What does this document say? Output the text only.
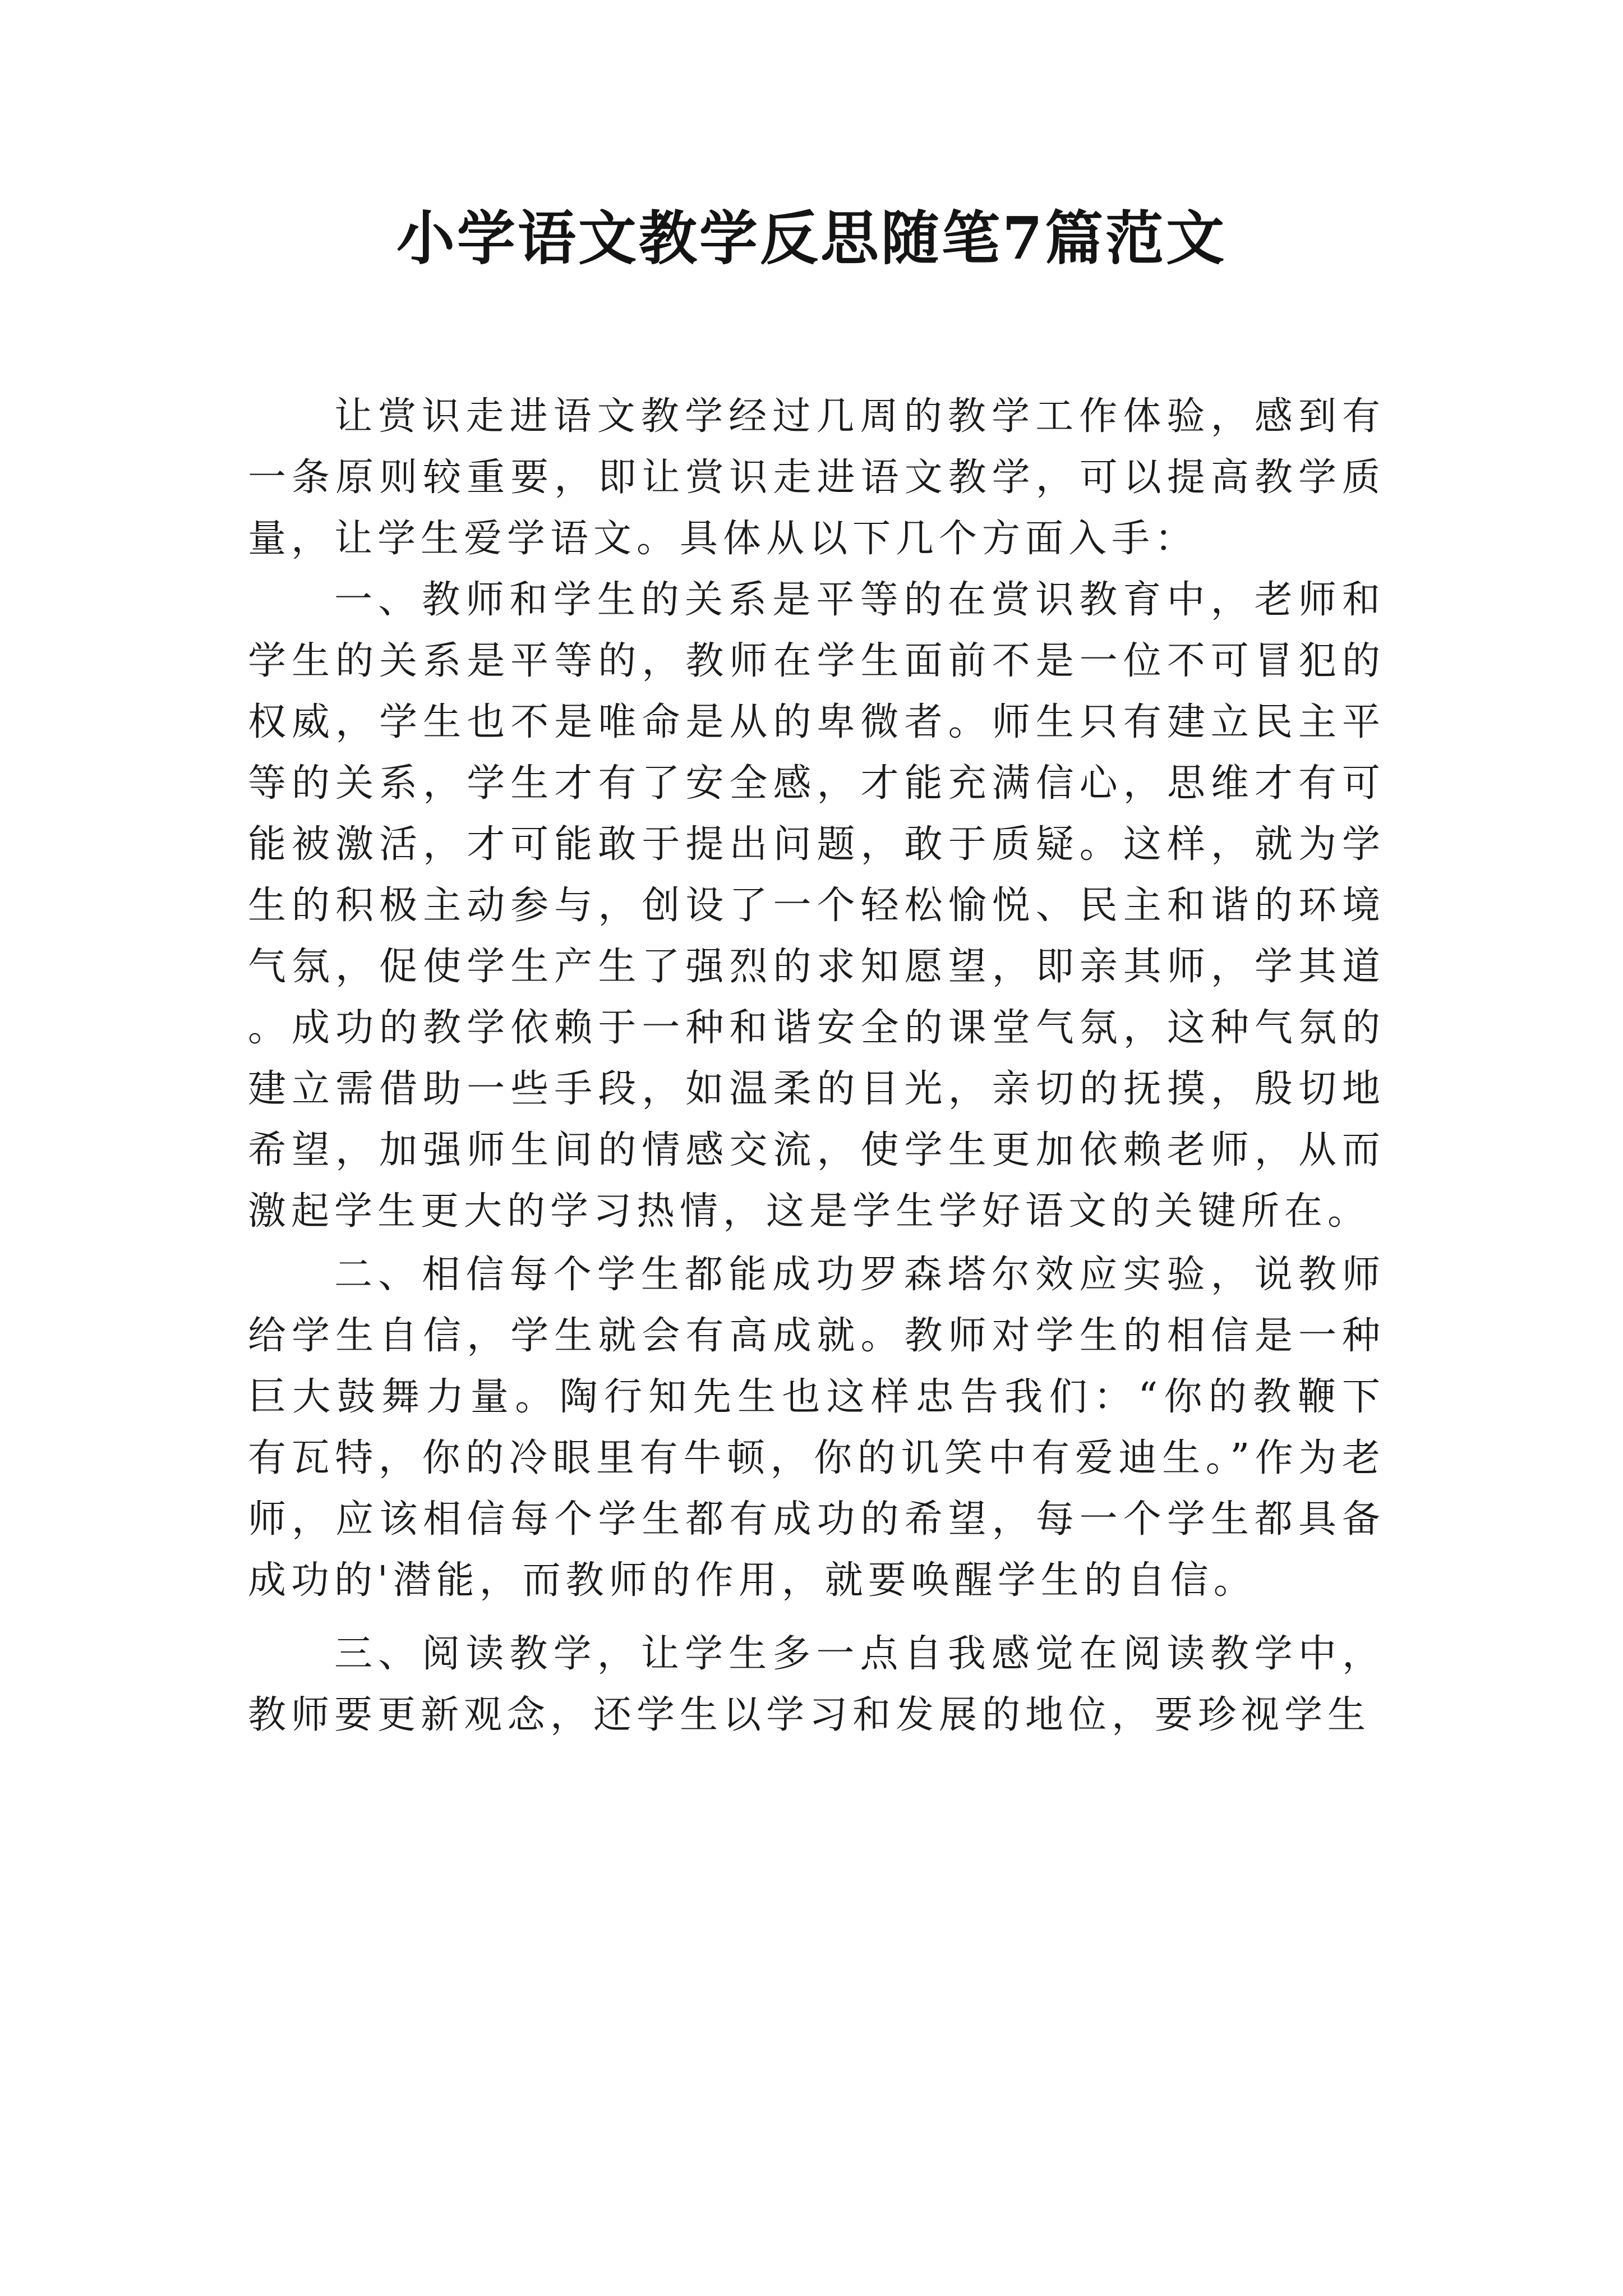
小学语文教学反思随笔7篇范文

让赏识走进语文教学经过几周的教学工作体验，感到有一条原则较重要，即让赏识走进语文教学，可以提高教学质量，让学生爱学语文。具体从以下几个方面入手：

一、教师和学生的关系是平等的在赏识教育中，老师和学生的关系是平等的，教师在学生面前不是一位不可冒犯的权威，学生也不是唯命是从的卑微者。师生只有建立民主平等的关系，学生才有了安全感，才能充满信心，思维才有可能被激活，才可能敢于提出问题，敢于质疑。这样，就为学生的积极主动参与，创设了一个轻松愉悦、民主和谐的环境气氛，促使学生产生了强烈的求知愿望，即亲其师，学其道。成功的教学依赖于一种和谐安全的课堂气氛，这种气氛的建立需借助一些手段，如温柔的目光，亲切的抚摸，殷切地希望，加强师生间的情感交流，使学生更加依赖老师，从而激起学生更大的学习热情，这是学生学好语文的关键所在。

二、相信每个学生都能成功罗森塔尔效应实验，说教师给学生自信，学生就会有高成就。教师对学生的相信是一种巨大鼓舞力量。陶行知先生也这样忠告我们：“你的教鞭下有瓦特，你的冷眼里有牛顿，你的讥笑中有爱迪生。”作为老师，应该相信每个学生都有成功的希望，每一个学生都具备成功的'潜能，而教师的作用，就要唤醒学生的自信。

三、阅读教学，让学生多一点自我感觉在阅读教学中，教师要更新观念，还学生以学习和发展的地位，要珍视学生
